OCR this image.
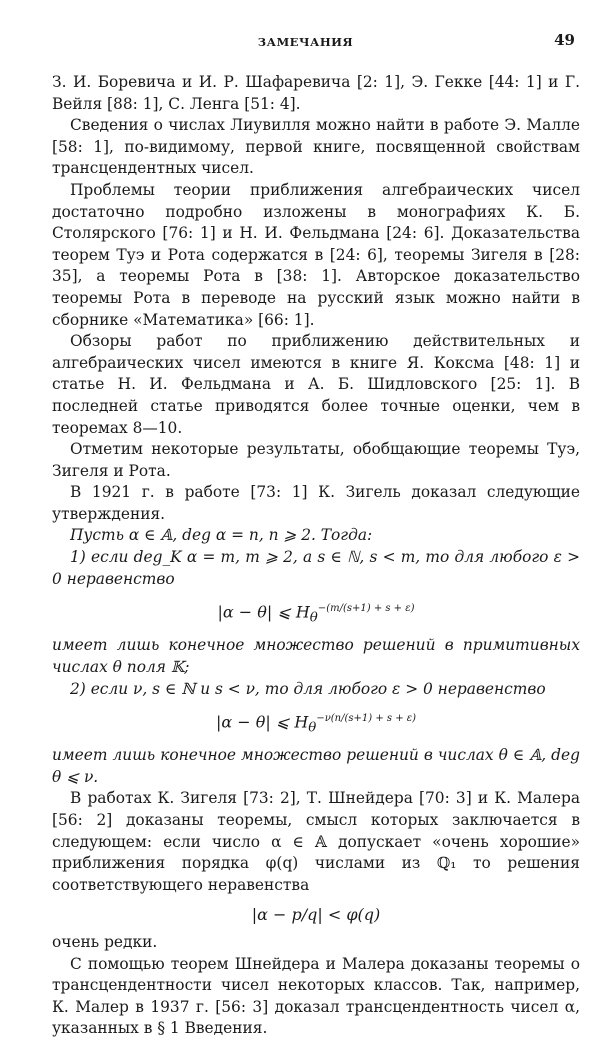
ЗАМЕЧАНИЯ	49

З. И. Боревича и И. Р. Шафаревича [2: 1], Э. Гекке [44: 1] и Г. Вейля [88: 1], С. Ленга [51: 4].

Сведения о числах Лиувилля можно найти в работе Э. Малле [58: 1], по-видимому, первой книге, посвященной свойствам трансцендентных чисел.

Проблемы теории приближения алгебраических чисел достаточно подробно изложены в монографиях К. Б. Столярского [76: 1] и Н. И. Фельдмана [24: 6]. Доказательства теорем Туэ и Рота содержатся в [24: 6], теоремы Зигеля в [28: 35], а теоремы Рота в [38: 1]. Авторское доказательство теоремы Рота в переводе на русский язык можно найти в сборнике «Математика» [66: 1].

Обзоры работ по приближению действительных и алгебраических чисел имеются в книге Я. Коксма [48: 1] и статье Н. И. Фельдмана и А. Б. Шидловского [25: 1]. В последней статье приводятся более точные оценки, чем в теоремах 8—10.

Отметим некоторые результаты, обобщающие теоремы Туэ, Зигеля и Рота.

В 1921 г. в работе [73: 1] К. Зигель доказал следующие утверждения.

Пусть α ∈ 𝔸, deg α = n, n ⩾ 2. Тогда:

1) если deg_K α = m, m ⩾ 2, a s ∈ ℕ, s < m, то для любого ε > 0 неравенство

|α − θ| ⩽ $H_\theta^{-(m/(s+1) + s + \varepsilon)}$

имеет лишь конечное множество решений в примитивных числах θ поля 𝕂;

2) если ν, s ∈ ℕ и s < ν, то для любого ε > 0 неравенство

|α − θ| ⩽ $H_\theta^{-\nu(n/(s+1) + s + \varepsilon)}$

имеет лишь конечное множество решений в числах θ ∈ 𝔸, deg θ ⩽ ν.

В работах К. Зигеля [73: 2], Т. Шнейдера [70: 3] и К. Малера [56: 2] доказаны теоремы, смысл которых заключается в следующем: если число α ∈ 𝔸 допускает «очень хорошие» приближения порядка φ(q) числами из ℚ₁ то решения соответствующего неравенства

|α − p/q| < φ(q)

очень редки.

С помощью теорем Шнейдера и Малера доказаны теоремы о трансцендентности чисел некоторых классов. Так, например, К. Малер в 1937 г. [56: 3] доказал трансцендентность чисел α, указанных в § 1 Введения.
